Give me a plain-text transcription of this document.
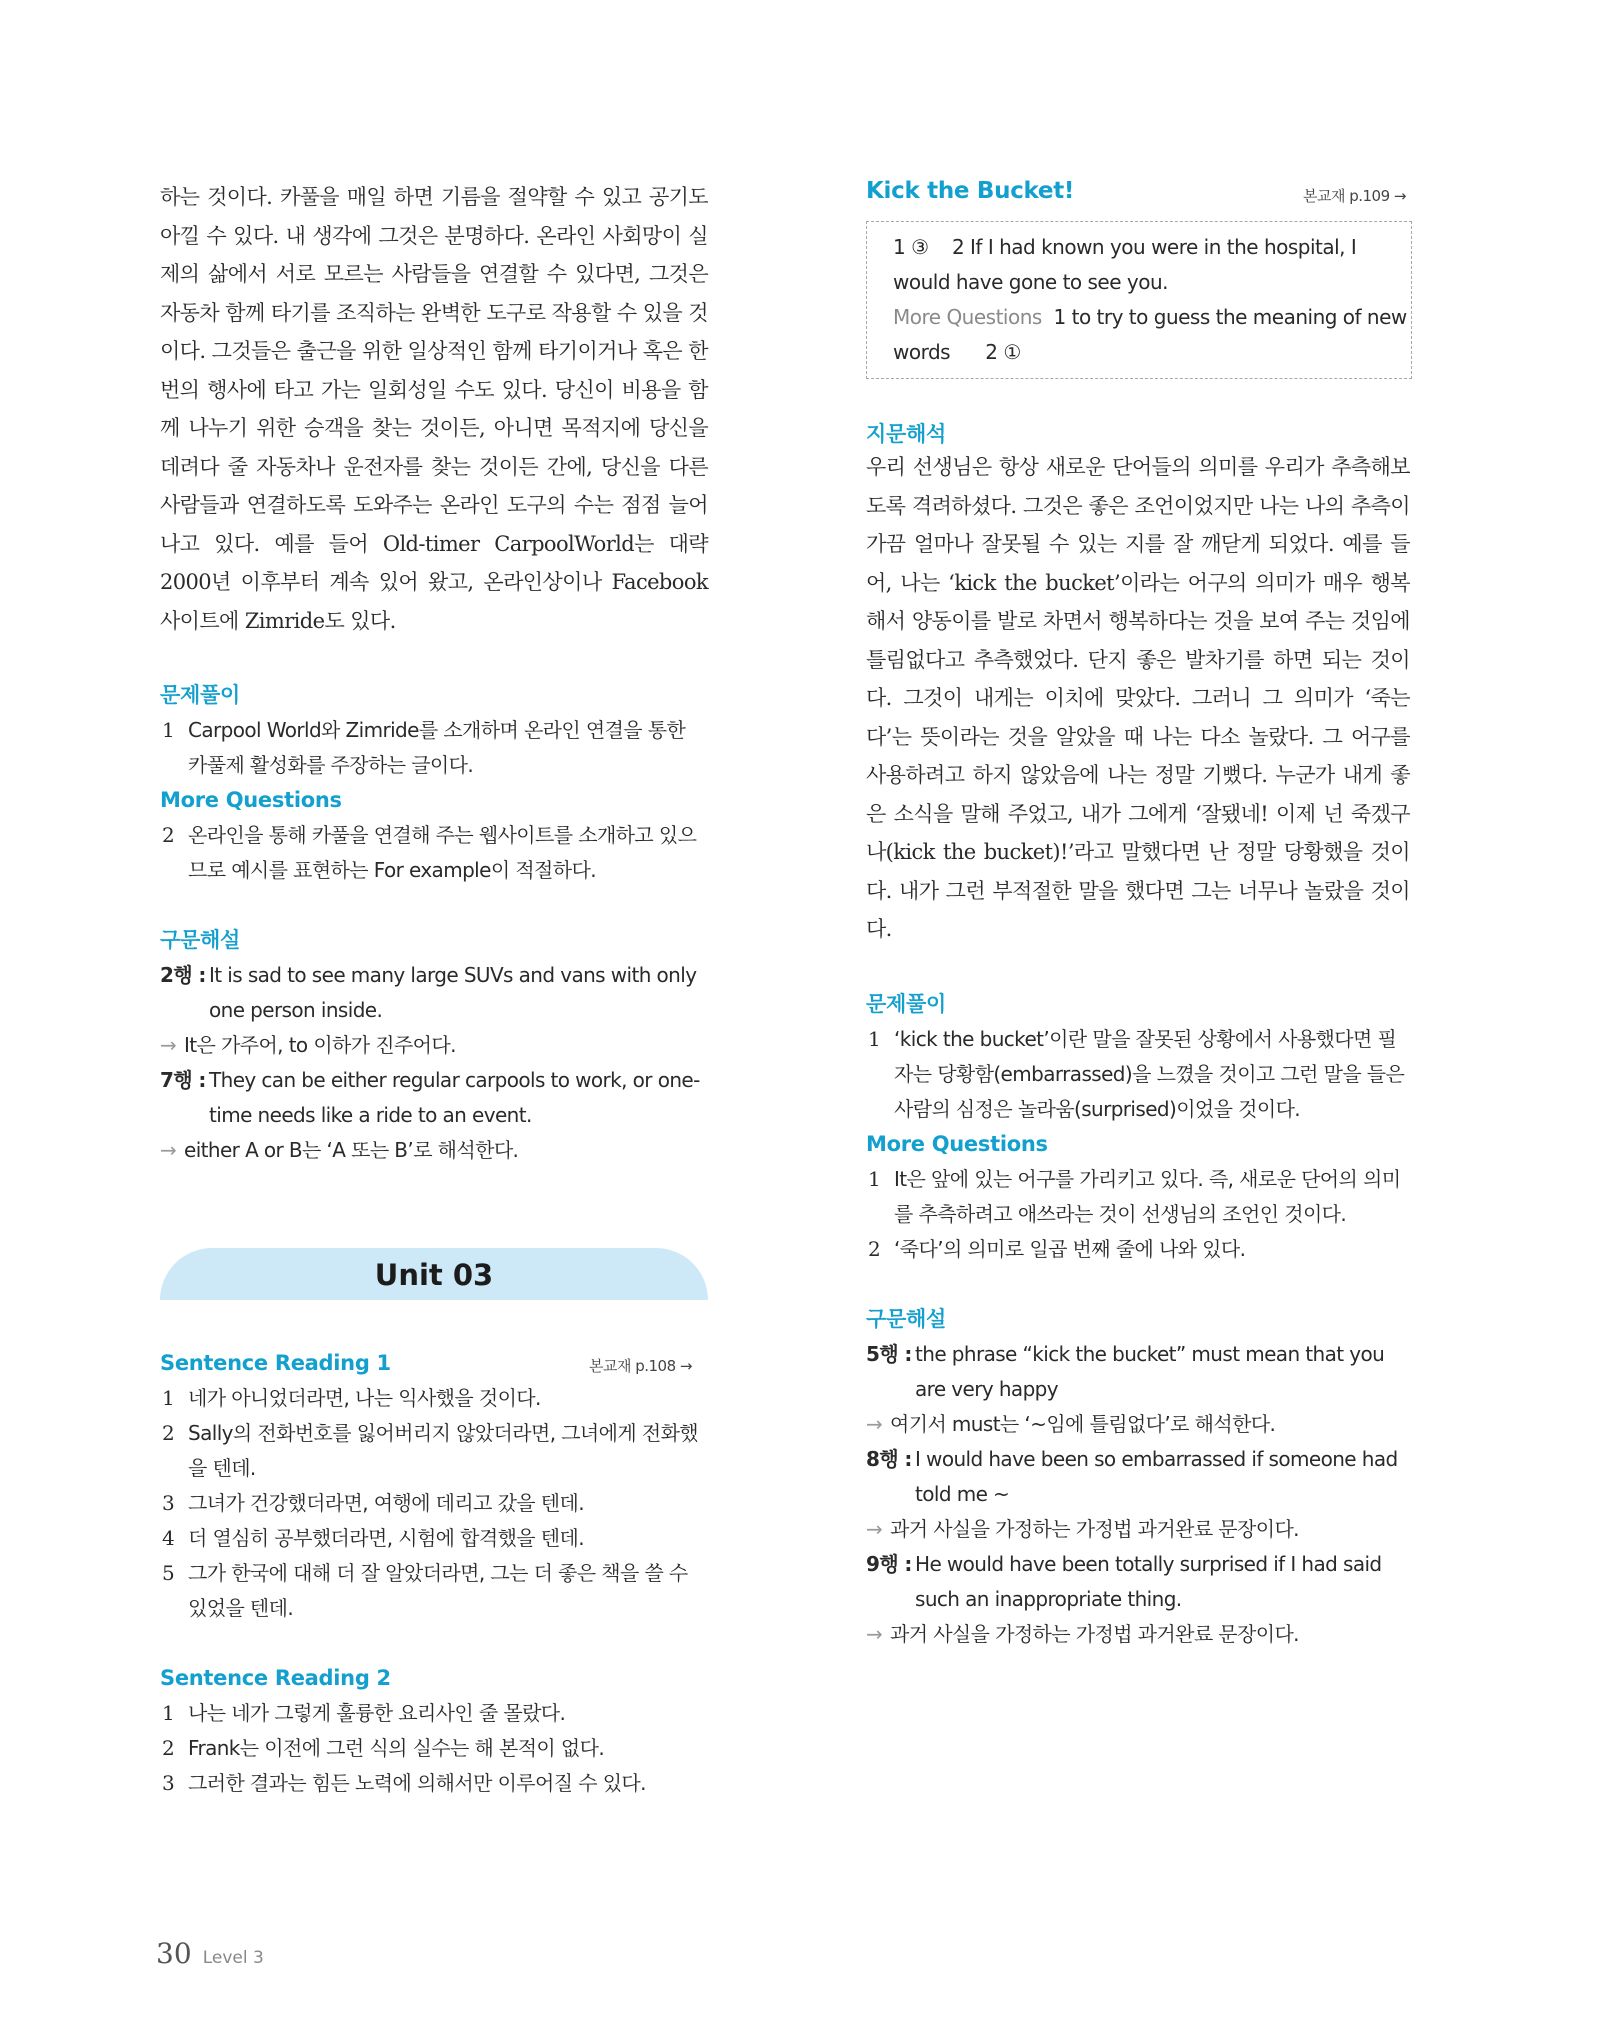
하는 것이다. 카풀을 매일 하면 기름을 절약할 수 있고 공기도 아낄 수 있다. 내 생각에 그것은 분명하다. 온라인 사회망이 실제의 삶에서 서로 모르는 사람들을 연결할 수 있다면, 그것은 자동차 함께 타기를 조직하는 완벽한 도구로 작용할 수 있을 것이다. 그것들은 출근을 위한 일상적인 함께 타기이거나 혹은 한 번의 행사에 타고 가는 일회성일 수도 있다. 당신이 비용을 함께 나누기 위한 승객을 찾는 것이든, 아니면 목적지에 당신을 데려다 줄 자동차나 운전자를 찾는 것이든 간에, 당신을 다른 사람들과 연결하도록 도와주는 온라인 도구의 수는 점점 늘어나고 있다. 예를 들어 Old-timer CarpoolWorld는 대략 2000년 이후부터 계속 있어 왔고, 온라인상이나 Facebook 사이트에 Zimride도 있다.

문제풀이
1 Carpool World와 Zimride를 소개하며 온라인 연결을 통한 카풀제 활성화를 주장하는 글이다.
More Questions
2 온라인을 통해 카풀을 연결해 주는 웹사이트를 소개하고 있으므로 예시를 표현하는 For example이 적절하다.
구문해설
2행 : It is sad to see many large SUVs and vans with only one person inside.
→ It은 가주어, to 이하가 진주어다.
7행 : They can be either regular carpools to work, or one-time needs like a ride to an event.
→ either A or B는 ‘A 또는 B’로 해석한다.
Unit 03
Sentence Reading 1	본교재 p.108 →
1 네가 아니었더라면, 나는 익사했을 것이다.
2 Sally의 전화번호를 잃어버리지 않았더라면, 그녀에게 전화했을 텐데.
3 그녀가 건강했더라면, 여행에 데리고 갔을 텐데.
4 더 열심히 공부했더라면, 시험에 합격했을 텐데.
5 그가 한국에 대해 더 잘 알았더라면, 그는 더 좋은 책을 쓸 수 있었을 텐데.
Sentence Reading 2
1 나는 네가 그렇게 훌륭한 요리사인 줄 몰랐다.
2 Frank는 이전에 그런 식의 실수는 해 본적이 없다.
3 그러한 결과는 힘든 노력에 의해서만 이루어질 수 있다.
Kick the Bucket!	본교재 p.109 →
1 ③ 2 If I had known you were in the hospital, I would have gone to see you.
More Questions 1 to try to guess the meaning of new words 2 ①
지문해석

우리 선생님은 항상 새로운 단어들의 의미를 우리가 추측해보도록 격려하셨다. 그것은 좋은 조언이었지만 나는 나의 추측이 가끔 얼마나 잘못될 수 있는 지를 잘 깨닫게 되었다. 예를 들어, 나는 ‘kick the bucket’이라는 어구의 의미가 매우 행복해서 양동이를 발로 차면서 행복하다는 것을 보여 주는 것임에 틀림없다고 추측했었다. 단지 좋은 발차기를 하면 되는 것이다. 그것이 내게는 이치에 맞았다. 그러니 그 의미가 ‘죽는다’는 뜻이라는 것을 알았을 때 나는 다소 놀랐다. 그 어구를 사용하려고 하지 않았음에 나는 정말 기뻤다. 누군가 내게 좋은 소식을 말해 주었고, 내가 그에게 ‘잘됐네! 이제 넌 죽겠구나(kick the bucket)!’라고 말했다면 난 정말 당황했을 것이다. 내가 그런 부적절한 말을 했다면 그는 너무나 놀랐을 것이다.

문제풀이
1 ‘kick the bucket’이란 말을 잘못된 상황에서 사용했다면 필자는 당황함(embarrassed)을 느꼈을 것이고 그런 말을 들은 사람의 심정은 놀라움(surprised)이었을 것이다.
More Questions
1 It은 앞에 있는 어구를 가리키고 있다. 즉, 새로운 단어의 의미를 추측하려고 애쓰라는 것이 선생님의 조언인 것이다.
2 ‘죽다’의 의미로 일곱 번째 줄에 나와 있다.
구문해설
5행 : the phrase “kick the bucket” must mean that you are very happy
→ 여기서 must는 ‘~임에 틀림없다’로 해석한다.
8행 : I would have been so embarrassed if someone had told me ~
→ 과거 사실을 가정하는 가정법 과거완료 문장이다.
9행 : He would have been totally surprised if I had said such an inappropriate thing.
→ 과거 사실을 가정하는 가정법 과거완료 문장이다.
30 Level 3
